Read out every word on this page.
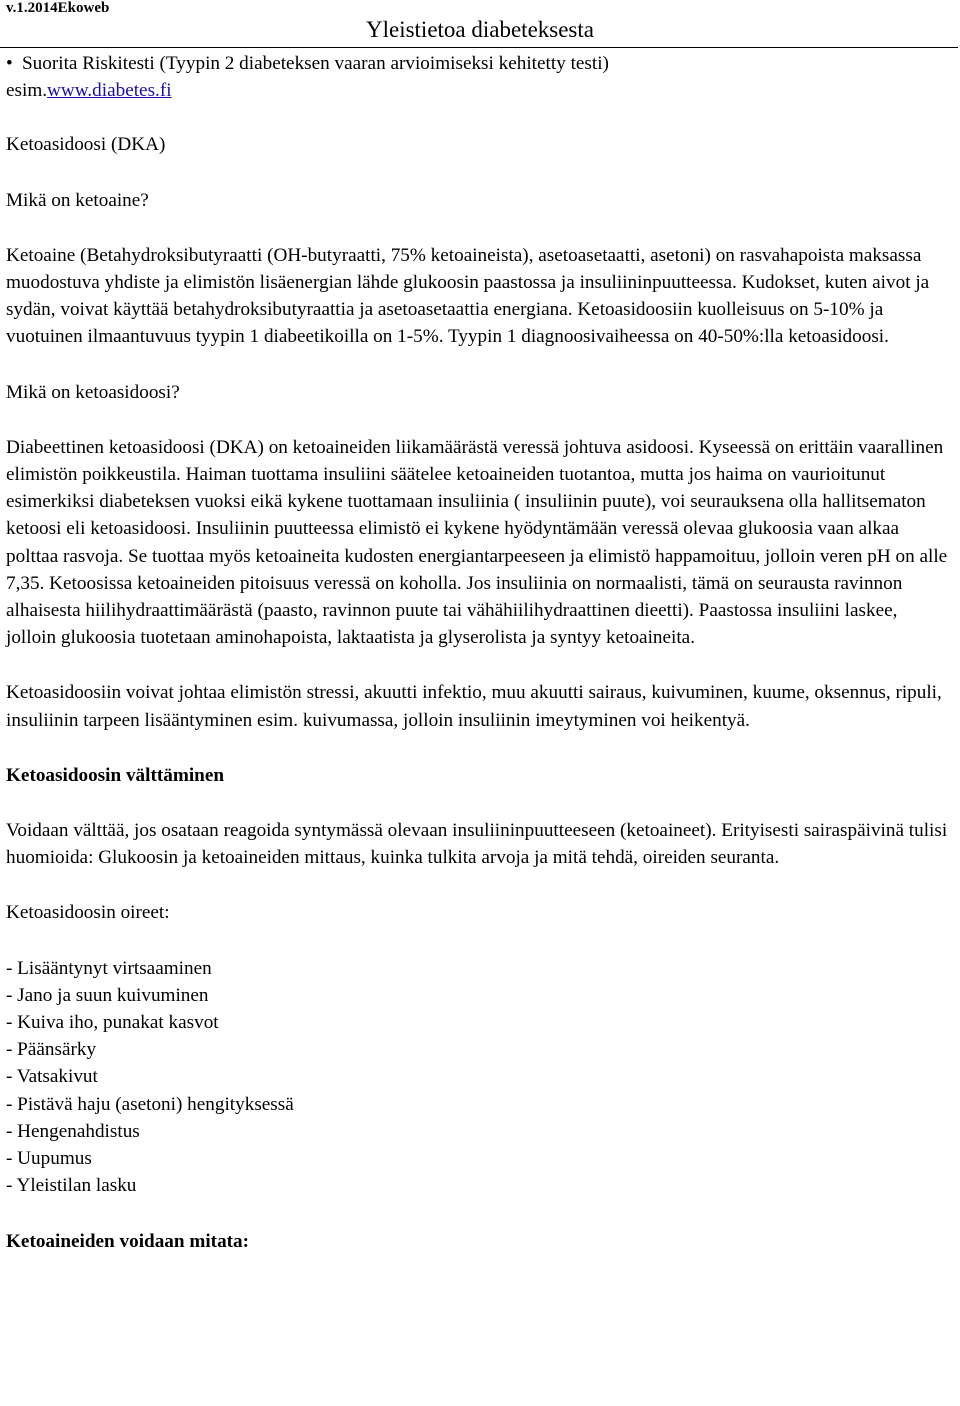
v.1.2014Ekoweb
Yleistietoa diabeteksesta
• Suorita Riskitesti (Tyypin 2 diabeteksen vaaran arvioimiseksi kehitetty testi)

esim.www.diabetes.fi

Ketoasidoosi (DKA)

Mikä on ketoaine?

Ketoaine (Betahydroksibutyraatti (OH-butyraatti, 75% ketoaineista), asetoasetaatti, asetoni) on rasvahapoista maksassa muodostuva yhdiste ja elimistön lisäenergian lähde glukoosin paastossa ja insuliininpuutteessa. Kudokset, kuten aivot ja sydän, voivat käyttää betahydroksibutyraattia ja asetoasetaattia energiana. Ketoasidoosiin kuolleisuus on 5-10% ja vuotuinen ilmaantuvuus tyypin 1 diabeetikoilla on 1-5%. Tyypin 1 diagnoosivaiheessa on 40-50%:lla ketoasidoosi.

Mikä on ketoasidoosi?

Diabeettinen ketoasidoosi (DKA) on ketoaineiden liikamäärästä veressä johtuva asidoosi. Kyseessä on erittäin vaarallinen elimistön poikkeustila. Haiman tuottama insuliini säätelee ketoaineiden tuotantoa, mutta jos haima on vaurioitunut esimerkiksi diabeteksen vuoksi eikä kykene tuottamaan insuliinia ( insuliinin puute), voi seurauksena olla hallitsematon ketoosi eli ketoasidoosi. Insuliinin puutteessa elimistö ei kykene hyödyntämään veressä olevaa glukoosia vaan alkaa polttaa rasvoja. Se tuottaa myös ketoaineita kudosten energiantarpeeseen ja elimistö happamoituu, jolloin veren pH on alle 7,35. Ketoosissa ketoaineiden pitoisuus veressä on koholla. Jos insuliinia on normaalisti, tämä on seurausta ravinnon alhaisesta hiilihydraattimäärästä (paasto, ravinnon puute tai vähähiilihydraattinen dieetti). Paastossa insuliini laskee, jolloin glukoosia tuotetaan aminohapoista, laktaatista ja glyserolista ja syntyy ketoaineita.

Ketoasidoosiin voivat johtaa elimistön stressi, akuutti infektio, muu akuutti sairaus, kuivuminen, kuume, oksennus, ripuli, insuliinin tarpeen lisääntyminen esim. kuivumassa, jolloin insuliinin imeytyminen voi heikentyä.

Ketoasidoosin välttäminen

Voidaan välttää, jos osataan reagoida syntymässä olevaan insuliininpuutteeseen (ketoaineet). Erityisesti sairaspäivinä tulisi huomioida: Glukoosin ja ketoaineiden mittaus, kuinka tulkita arvoja ja mitä tehdä, oireiden seuranta.

Ketoasidoosin oireet:

- Lisääntynyt virtsaaminen
- Jano ja suun kuivuminen
- Kuiva iho, punakat kasvot
- Päänsärky
- Vatsakivut
- Pistävä haju (asetoni) hengityksessä
- Hengenahdistus
- Uupumus
- Yleistilan lasku

Ketoaineiden voidaan mitata:
